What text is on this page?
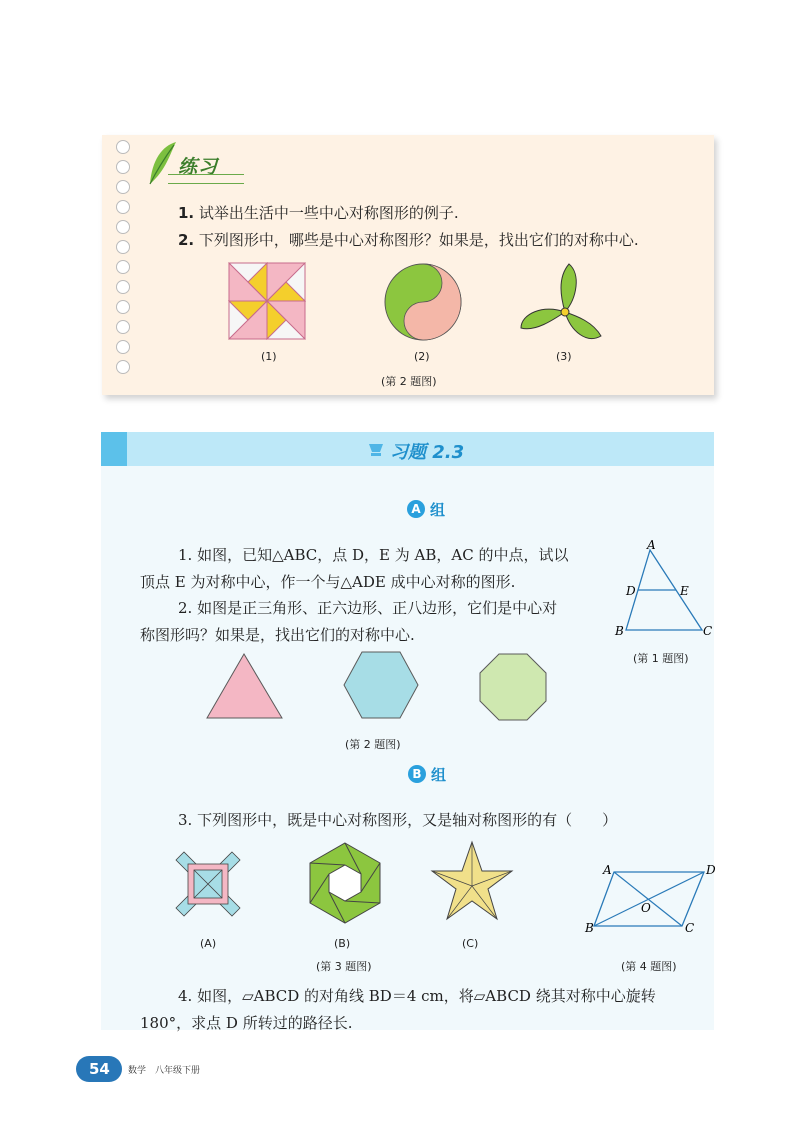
练习
1. 试举出生活中一些中心对称图形的例子.
2. 下列图形中，哪些是中心对称图形？如果是，找出它们的对称中心.
(1)	(2)	(3)
(第 2 题图)
习题 2.3
A 组
1. 如图，已知△ABC，点 D，E 为 AB，AC 的中点，试以
顶点 E 为对称中心，作一个与△ADE 成中心对称的图形.
2. 如图是正三角形、正六边形、正八边形，它们是中心对
称图形吗？如果是，找出它们的对称中心.
A
D	E
B	C
(第 1 题图)
(第 2 题图)
B 组
3. 下列图形中，既是中心对称图形，又是轴对称图形的有（　　）
(A)	(B)	(C)
(第 3 题图)
A	D
O
B	C
(第 4 题图)
4. 如图，▱ABCD 的对角线 BD＝4 cm，将▱ABCD 绕其对称中心旋转
180°，求点 D 所转过的路径长.
54 数学　八年级下册
